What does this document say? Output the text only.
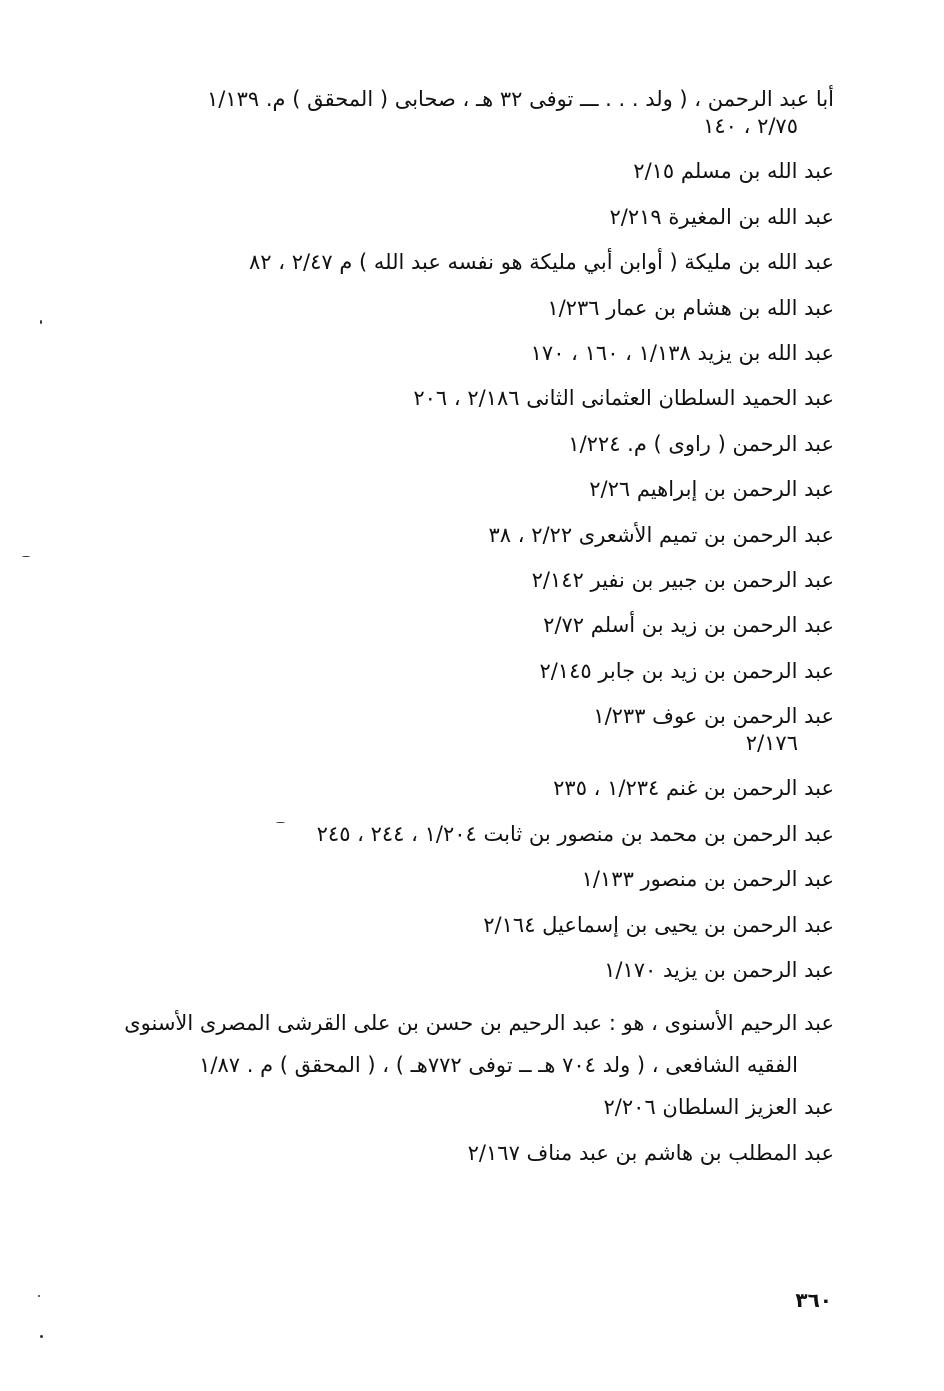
أبا عبد الرحمن ، ( ولد . . . ـــ توفى ٣٢ هـ ، صحابى ( المحقق ) م. ١/١٣٩
٢/٧٥ ، ١٤٠
عبد الله بن مسلم ٢/١٥
عبد الله بن المغيرة ٢/٢١٩
عبد الله بن مليكة ( أوابن أبي مليكة هو نفسه عبد الله ) م ٢/٤٧ ، ٨٢
عبد الله بن هشام بن عمار ١/٢٣٦
عبد الله بن يزيد ١/١٣٨ ، ١٦٠ ، ١٧٠
عبد الحميد السلطان العثمانى الثانى ٢/١٨٦ ، ٢٠٦
عبد الرحمن ( راوى ) م. ١/٢٢٤
عبد الرحمن بن إبراهيم ٢/٢٦
عبد الرحمن بن تميم الأشعرى ٢/٢٢ ، ٣٨
عبد الرحمن بن جبير بن نفير ٢/١٤٢
عبد الرحمن بن زيد بن أسلم ٢/٧٢
عبد الرحمن بن زيد بن جابر ٢/١٤٥
عبد الرحمن بن عوف ١/٢٣٣
٢/١٧٦
عبد الرحمن بن غنم ١/٢٣٤ ، ٢٣٥
عبد الرحمن بن محمد بن منصور بن ثابت ١/٢٠٤ ، ٢٤٤ ، ٢٤٥
عبد الرحمن بن منصور ١/١٣٣
عبد الرحمن بن يحيى بن إسماعيل ٢/١٦٤
عبد الرحمن بن يزيد ١/١٧٠
عبد الرحيم الأسنوى ، هو : عبد الرحيم بن حسن بن على القرشى المصرى الأسنوى
الفقيه الشافعى ، ( ولد ٧٠٤ هـ ــ توفى ٧٧٢هـ ) ، ( المحقق ) م . ١/٨٧
عبد العزيز السلطان ٢/٢٠٦
عبد المطلب بن هاشم بن عبد مناف ٢/١٦٧
٣٦٠
